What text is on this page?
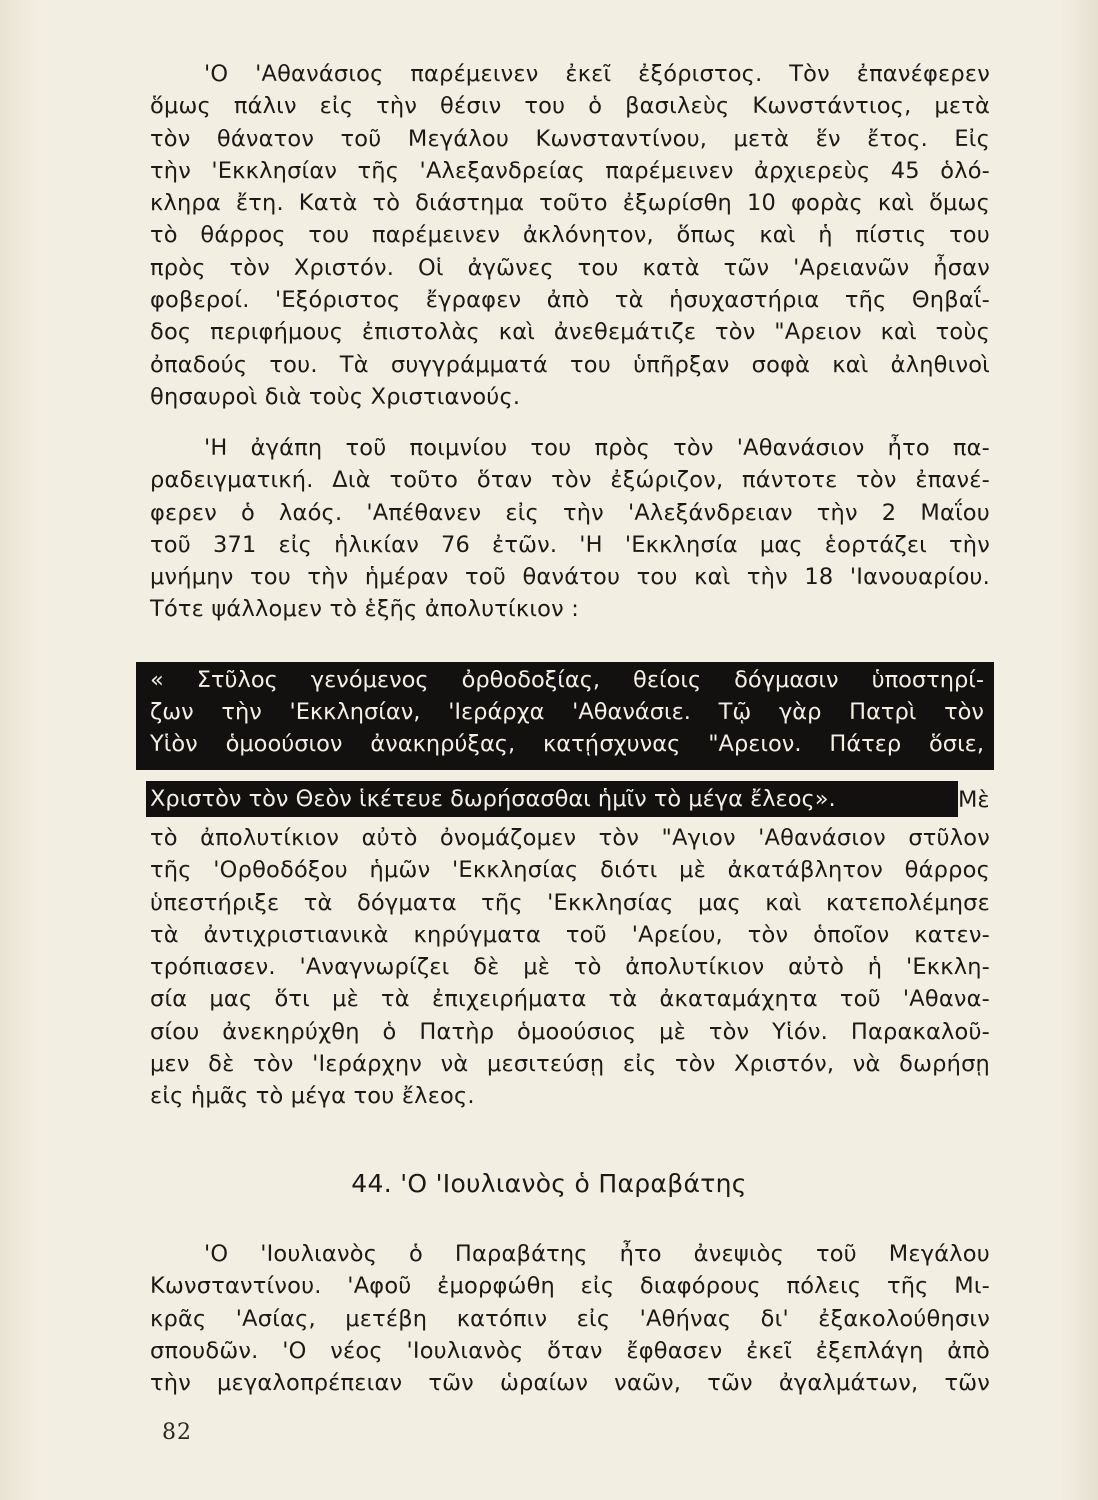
'Ο 'Αθανάσιος παρέμεινεν ἐκεῖ ἐξόριστος. Τὸν ἐπανέφερεν
ὅμως πάλιν εἰς τὴν θέσιν του ὁ βασιλεὺς Κωνστάντιος, μετὰ
τὸν θάνατον τοῦ Μεγάλου Κωνσταντίνου, μετὰ ἕν ἔτος. Εἰς
τὴν 'Εκκλησίαν τῆς 'Αλεξανδρείας παρέμεινεν ἀρχιερεὺς 45 ὁλό-
κληρα ἔτη. Κατὰ τὸ διάστημα τοῦτο ἐξωρίσθη 10 φορὰς καὶ ὅμως
τὸ θάρρος του παρέμεινεν ἀκλόνητον, ὅπως καὶ ἡ πίστις του
πρὸς τὸν Χριστόν. Οἱ ἀγῶνες του κατὰ τῶν 'Αρειανῶν ἦσαν
φοβεροί. 'Εξόριστος ἔγραφεν ἀπὸ τὰ ἡσυχαστήρια τῆς Θηβαΐ-
δος περιφήμους ἐπιστολὰς καὶ ἀνεθεμάτιζε τὸν "Αρειον καὶ τοὺς
ὀπαδούς του. Τὰ συγγράμματά του ὑπῆρξαν σοφὰ καὶ ἀληθινοὶ
θησαυροὶ διὰ τοὺς Χριστιανούς.
'Η ἀγάπη τοῦ ποιμνίου του πρὸς τὸν 'Αθανάσιον ἦτο πα-
ραδειγματική. Διὰ τοῦτο ὅταν τὸν ἐξώριζον, πάντοτε τὸν ἐπανέ-
φερεν ὁ λαός. 'Απέθανεν εἰς τὴν 'Αλεξάνδρειαν τὴν 2 Μαΐου
τοῦ 371 εἰς ἡλικίαν 76 ἐτῶν. 'Η 'Εκκλησία μας ἑορτάζει τὴν
μνήμην του τὴν ἡμέραν τοῦ θανάτου του καὶ τὴν 18 'Ιανουαρίου.
Τότε ψάλλομεν τὸ ἑξῆς ἀπολυτίκιον :
« Στῦλος γενόμενος ὀρθοδοξίας, θείοις δόγμασιν ὑποστηρί-
ζων τὴν 'Εκκλησίαν, 'Ιεράρχα 'Αθανάσιε. Τῷ γὰρ Πατρὶ τὸν
Υἱὸν ὁμοούσιον ἀνακηρύξας, κατῄσχυνας "Αρειον. Πάτερ ὅσιε,
Χριστὸν τὸν Θεὸν ἱκέτευε δωρήσασθαι ἡμῖν τὸ μέγα ἔλεος».	Μὲ
τὸ ἀπολυτίκιον αὐτὸ ὀνομάζομεν τὸν "Αγιον 'Αθανάσιον στῦλον
τῆς 'Ορθοδόξου ἡμῶν 'Εκκλησίας διότι μὲ ἀκατάβλητον θάρρος
ὑπεστήριξε τὰ δόγματα τῆς 'Εκκλησίας μας καὶ κατεπολέμησε
τὰ ἀντιχριστιανικὰ κηρύγματα τοῦ 'Αρείου, τὸν ὁποῖον κατεν-
τρόπιασεν. 'Αναγνωρίζει δὲ μὲ τὸ ἀπολυτίκιον αὐτὸ ἡ 'Εκκλη-
σία μας ὅτι μὲ τὰ ἐπιχειρήματα τὰ ἀκαταμάχητα τοῦ 'Αθανα-
σίου ἀνεκηρύχθη ὁ Πατὴρ ὁμοούσιος μὲ τὸν Υἱόν. Παρακαλοῦ-
μεν δὲ τὸν 'Ιεράρχην νὰ μεσιτεύσῃ εἰς τὸν Χριστόν, νὰ δωρήσῃ
εἰς ἡμᾶς τὸ μέγα του ἔλεος.
44. 'Ο 'Ιουλιανὸς ὁ Παραβάτης
'Ο 'Ιουλιανὸς ὁ Παραβάτης ἦτο ἀνεψιὸς τοῦ Μεγάλου
Κωνσταντίνου. 'Αφοῦ ἐμορφώθη εἰς διαφόρους πόλεις τῆς Μι-
κρᾶς 'Ασίας, μετέβη κατόπιν εἰς 'Αθήνας δι' ἐξακολούθησιν
σπουδῶν. 'Ο νέος 'Ιουλιανὸς ὅταν ἔφθασεν ἐκεῖ ἐξεπλάγη ἀπὸ
τὴν μεγαλοπρέπειαν τῶν ὡραίων ναῶν, τῶν ἀγαλμάτων, τῶν
82
